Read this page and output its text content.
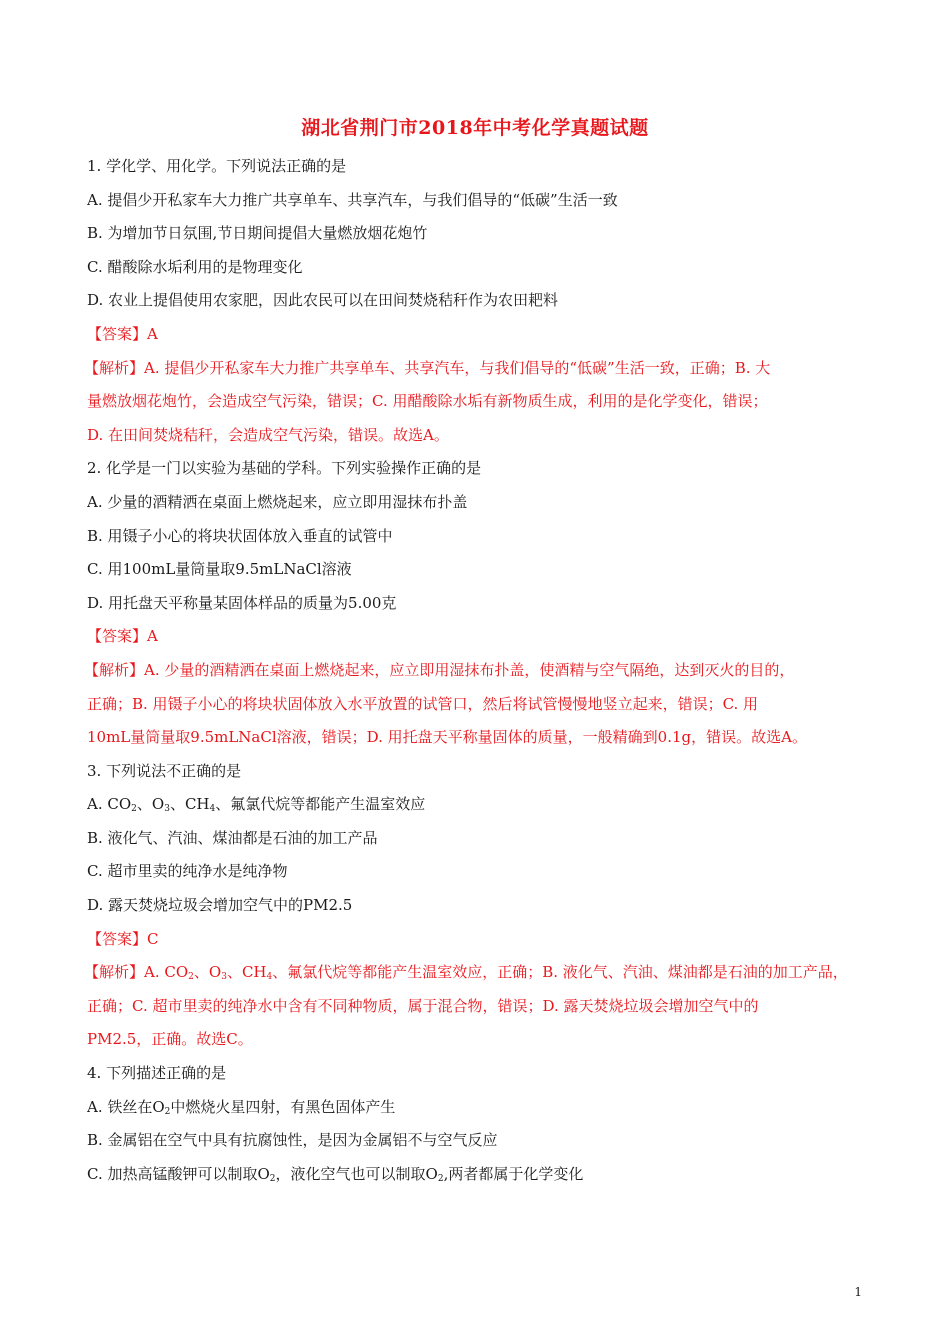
湖北省荆门市2018年中考化学真题试题
1. 学化学、用化学。下列说法正确的是
A. 提倡少开私家车大力推广共享单车、共享汽车，与我们倡导的“低碳”生活一致
B. 为增加节日氛围,节日期间提倡大量燃放烟花炮竹
C. 醋酸除水垢利用的是物理变化
D. 农业上提倡使用农家肥，因此农民可以在田间焚烧秸秆作为农田耙料
【答案】A
【解析】A. 提倡少开私家车大力推广共享单车、共享汽车，与我们倡导的“低碳”生活一致，正确；B. 大
量燃放烟花炮竹，会造成空气污染，错误；C. 用醋酸除水垢有新物质生成，利用的是化学变化，错误；
D. 在田间焚烧秸秆，会造成空气污染，错误。故选A。
2. 化学是一门以实验为基础的学科。下列实验操作正确的是
A. 少量的酒精洒在桌面上燃烧起来，应立即用湿抹布扑盖
B. 用镊子小心的将块状固体放入垂直的试管中
C. 用100mL量筒量取9.5mLNaCl溶液
D. 用托盘天平称量某固体样品的质量为5.00克
【答案】A
【解析】A. 少量的酒精洒在桌面上燃烧起来，应立即用湿抹布扑盖，使酒精与空气隔绝，达到灭火的目的，
正确；B. 用镊子小心的将块状固体放入水平放置的试管口，然后将试管慢慢地竖立起来，错误；C. 用
10mL量筒量取9.5mLNaCl溶液，错误；D. 用托盘天平称量固体的质量，一般精确到0.1g，错误。故选A。
3. 下列说法不正确的是
A. $CO_2$、$O_3$、$CH_4$、氟氯代烷等都能产生温室效应
B. 液化气、汽油、煤油都是石油的加工产品
C. 超市里卖的纯净水是纯净物
D. 露天焚烧垃圾会增加空气中的PM2.5
【答案】C
【解析】A. $CO_2$、$O_3$、$CH_4$、氟氯代烷等都能产生温室效应，正确；B. 液化气、汽油、煤油都是石油的加工产品，
正确；C. 超市里卖的纯净水中含有不同种物质，属于混合物，错误；D. 露天焚烧垃圾会增加空气中的
PM2.5，正确。故选C。
4. 下列描述正确的是
A. 铁丝在$O_2$中燃烧火星四射，有黑色固体产生
B. 金属铝在空气中具有抗腐蚀性，是因为金属铝不与空气反应
C. 加热高锰酸钾可以制取$O_2$，液化空气也可以制取$O_2$,两者都属于化学变化
1
